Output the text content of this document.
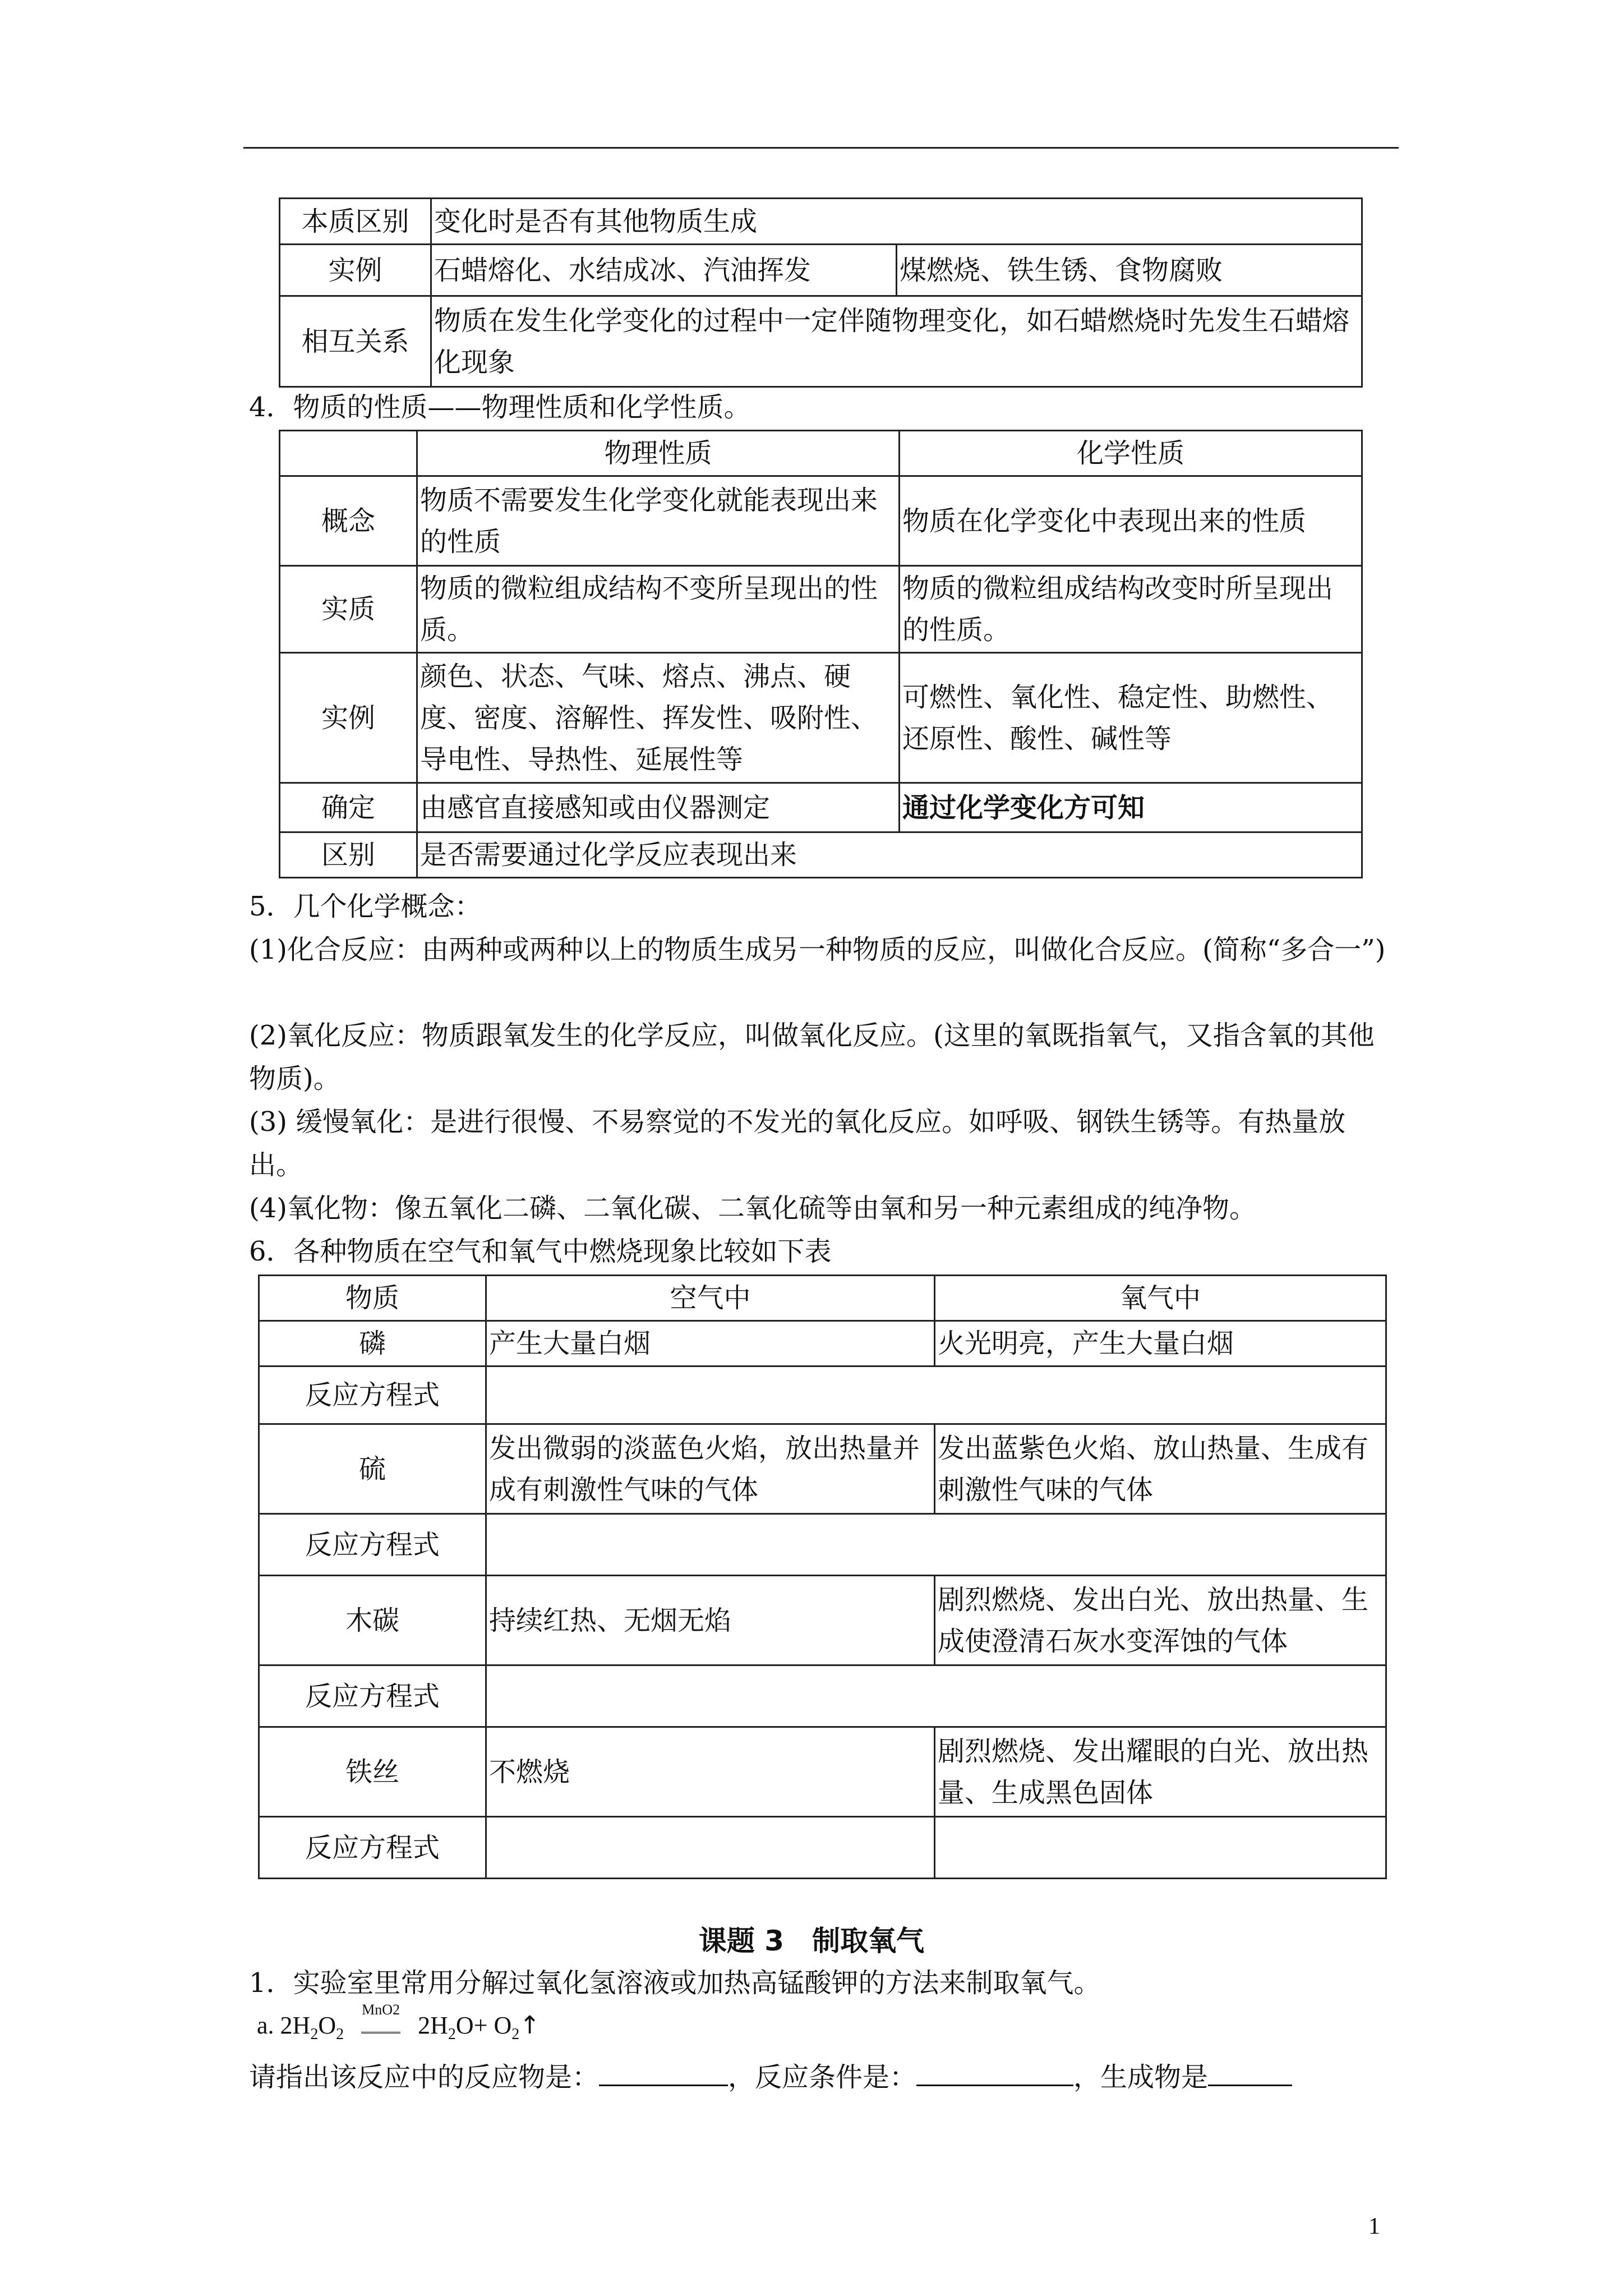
本质区别	变化时是否有其他物质生成	
实例	石蜡熔化、水结成冰、汽油挥发	煤燃烧、铁生锈、食物腐败
相互关系	物质在发生化学变化的过程中一定伴随物理变化，如石蜡燃烧时先发生石蜡熔化现象	
4．物质的性质——物理性质和化学性质。
	物理性质	化学性质
概念	物质不需要发生化学变化就能表现出来的性质	物质在化学变化中表现出来的性质
实质	物质的微粒组成结构不变所呈现出的性质。	物质的微粒组成结构改变时所呈现出的性质。
实例	颜色、状态、气味、熔点、沸点、硬度、密度、溶解性、挥发性、吸附性、导电性、导热性、延展性等	可燃性、氧化性、稳定性、助燃性、还原性、酸性、碱性等
确定	由感官直接感知或由仪器测定	通过化学变化方可知
区别	是否需要通过化学反应表现出来	
5．几个化学概念：
(1)化合反应：由两种或两种以上的物质生成另一种物质的反应，叫做化合反应。(简称“多合一”)
(2)氧化反应：物质跟氧发生的化学反应，叫做氧化反应。(这里的氧既指氧气，又指含氧的其他物质)。
(3) 缓慢氧化：是进行很慢、不易察觉的不发光的氧化反应。如呼吸、钢铁生锈等。有热量放出。
(4)氧化物：像五氧化二磷、二氧化碳、二氧化硫等由氧和另一种元素组成的纯净物。
6．各种物质在空气和氧气中燃烧现象比较如下表
物质	空气中	氧气中
磷	产生大量白烟	火光明亮，产生大量白烟
反应方程式		
硫	发出微弱的淡蓝色火焰，放出热量并成有刺激性气味的气体	发出蓝紫色火焰、放山热量、生成有刺激性气味的气体
反应方程式		
木碳	持续红热、无烟无焰	剧烈燃烧、发出白光、放出热量、生成使澄清石灰水变浑蚀的气体
反应方程式		
铁丝	不燃烧	剧烈燃烧、发出耀眼的白光、放出热量、生成黑色固体
反应方程式		
课题 3　制取氧气
1．实验室里常用分解过氧化氢溶液或加热高锰酸钾的方法来制取氧气。
a. $2H_2O_2$
MnO2
$2H_2O+$ $O_2↑$
请指出该反应中的反应物是：	，反应条件是：	，生成物是
1
